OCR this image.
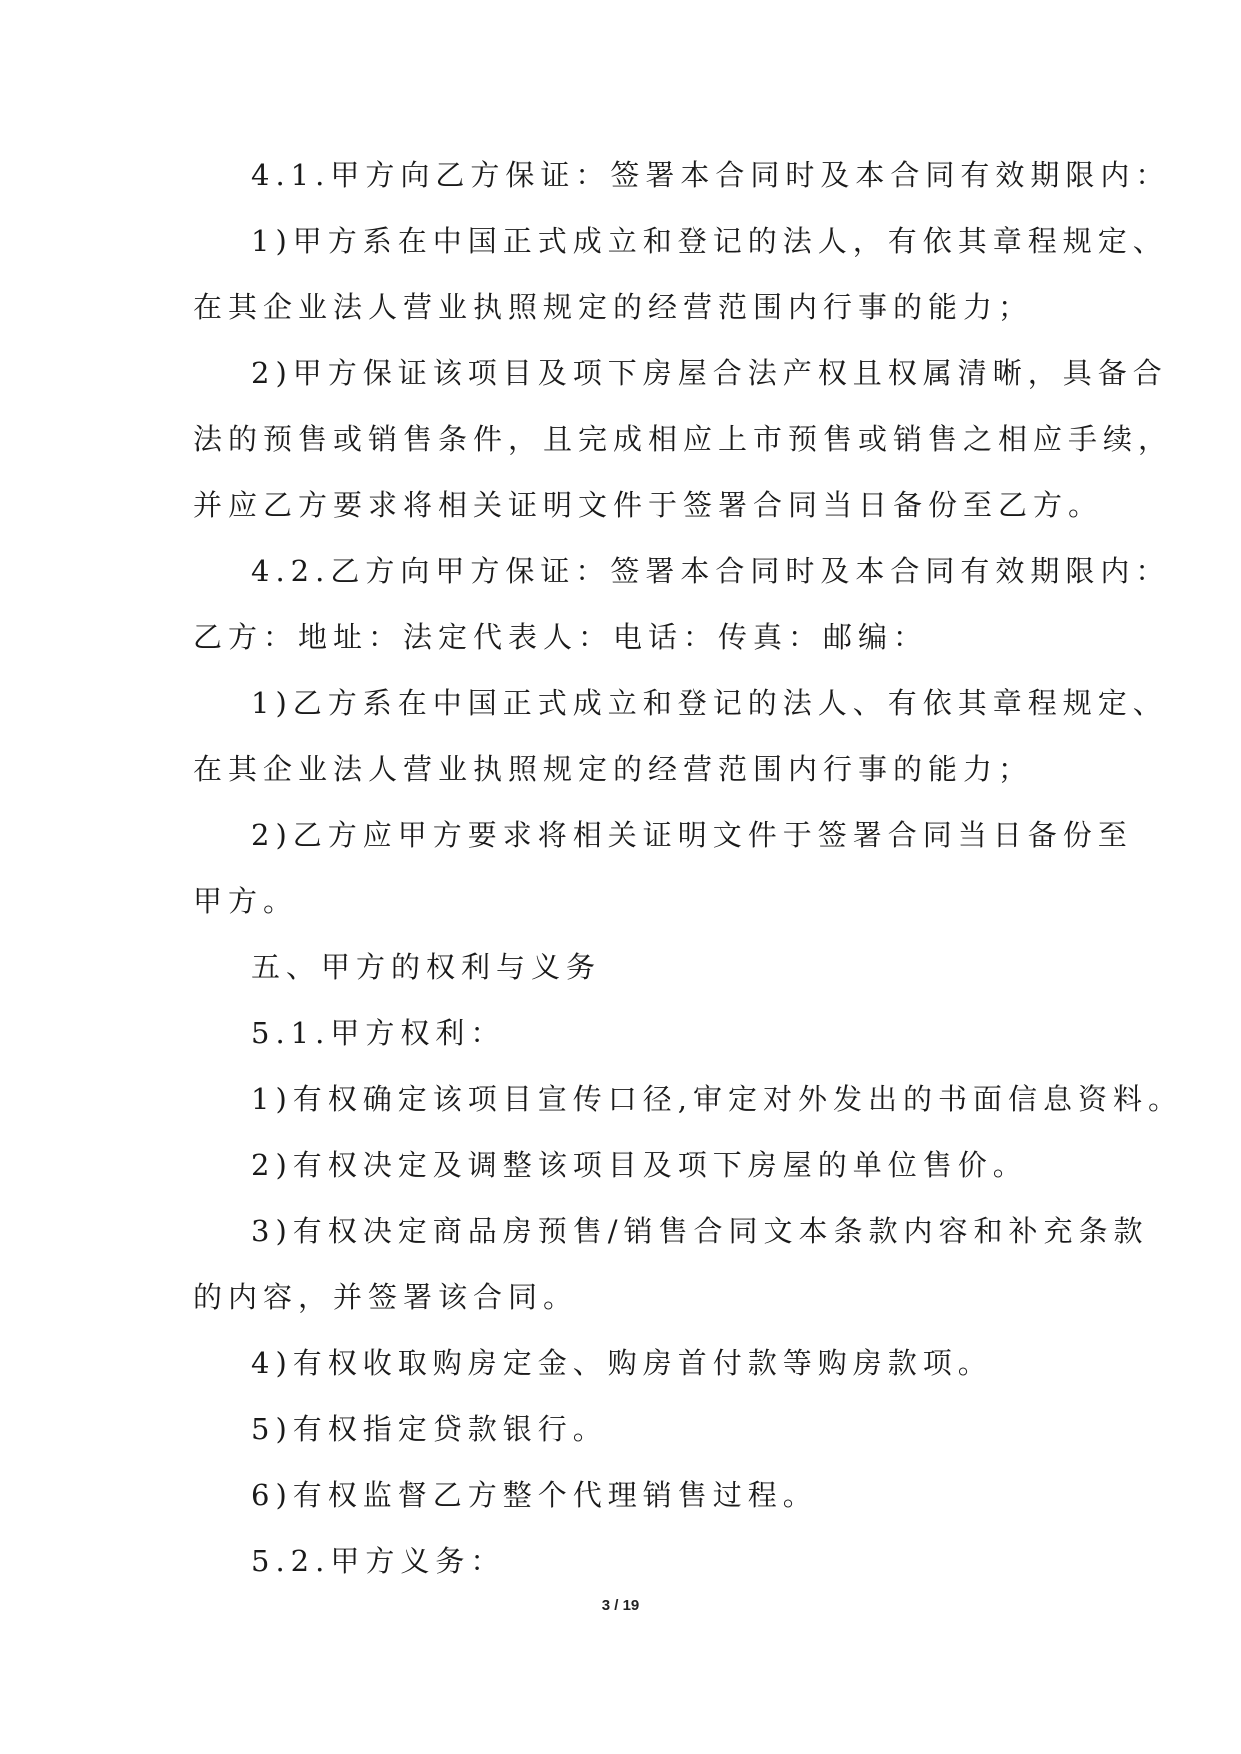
4.1.甲方向乙方保证：签署本合同时及本合同有效期限内：
1)甲方系在中国正式成立和登记的法人，有依其章程规定、
在其企业法人营业执照规定的经营范围内行事的能力；
2)甲方保证该项目及项下房屋合法产权且权属清晰，具备合
法的预售或销售条件，且完成相应上市预售或销售之相应手续，
并应乙方要求将相关证明文件于签署合同当日备份至乙方。
4.2.乙方向甲方保证：签署本合同时及本合同有效期限内：
乙方：地址：法定代表人：电话：传真：邮编：
1)乙方系在中国正式成立和登记的法人、有依其章程规定、
在其企业法人营业执照规定的经营范围内行事的能力；
2)乙方应甲方要求将相关证明文件于签署合同当日备份至
甲方。
五、甲方的权利与义务
5.1.甲方权利：
1)有权确定该项目宣传口径,审定对外发出的书面信息资料。
2)有权决定及调整该项目及项下房屋的单位售价。
3)有权决定商品房预售/销售合同文本条款内容和补充条款
的内容，并签署该合同。
4)有权收取购房定金、购房首付款等购房款项。
5)有权指定贷款银行。
6)有权监督乙方整个代理销售过程。
5.2.甲方义务：
3 / 19
